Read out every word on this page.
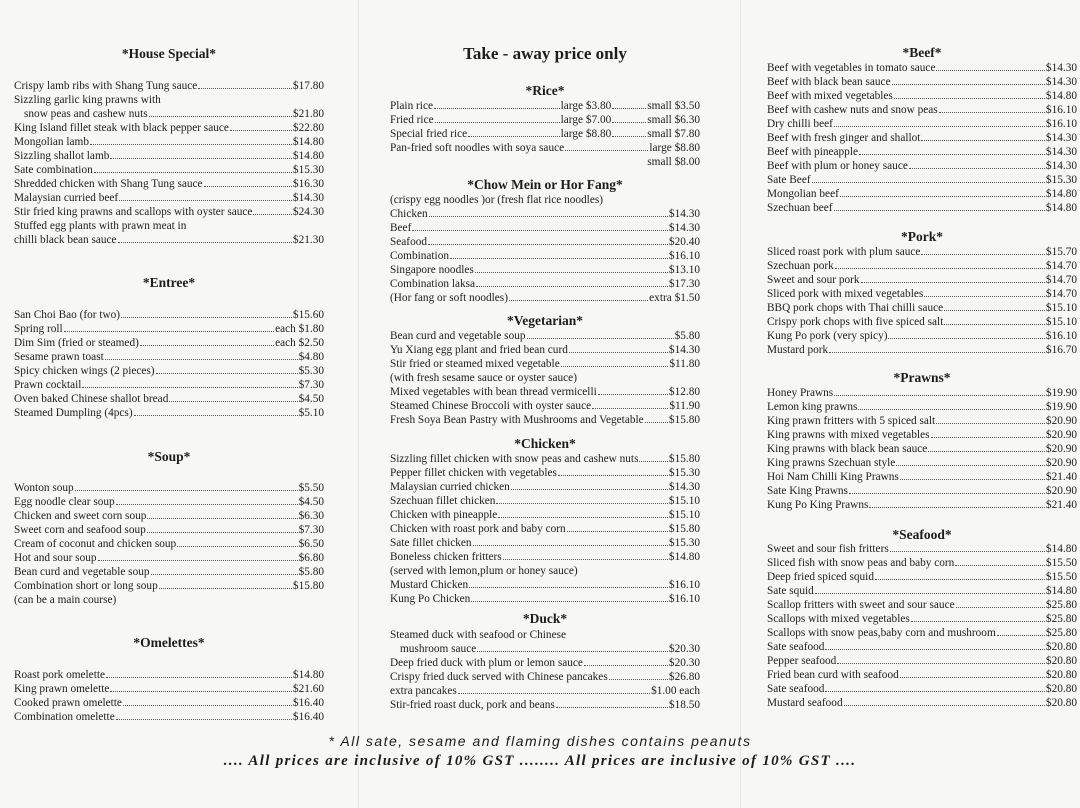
*House Special*
Crispy lamb ribs with Shang Tung sauce	$17.80
Sizzling garlic king prawns with
snow peas and cashew nuts	$21.80
King Island fillet steak with black pepper sauce	$22.80
Mongolian lamb	$14.80
Sizzling shallot lamb	$14.80
Sate combination	$15.30
Shredded chicken with Shang Tung sauce	$16.30
Malaysian curried beef	$14.30
Stir fried king prawns and scallops with oyster sauce	$24.30
Stuffed egg plants with prawn meat in
chilli black bean sauce	$21.30
*Entree*
San Choi Bao (for two)	$15.60
Spring roll	each $1.80
Dim Sim (fried or steamed)	each $2.50
Sesame prawn toast	$4.80
Spicy chicken wings (2 pieces)	$5.30
Prawn cocktail	$7.30
Oven baked Chinese shallot bread	$4.50
Steamed Dumpling (4pcs)	$5.10
*Soup*
Wonton soup	$5.50
Egg noodle clear soup	$4.50
Chicken and sweet corn soup	$6.30
Sweet corn and seafood soup	$7.30
Cream of coconut and chicken soup	$6.50
Hot and sour soup	$6.80
Bean curd and vegetable soup	$5.80
Combination short or long soup	$15.80
(can be a main course)
*Omelettes*
Roast pork omelette	$14.80
King prawn omelette	$21.60
Cooked prawn omelette	$16.40
Combination omelette	$16.40
Take - away price only
*Rice*
Plain rice	large $3.80	small $3.50
Fried rice	large $7.00	small $6.30
Special fried rice	large $8.80	small $7.80
Pan-fried soft noodles with soya sauce	large $8.80
small $8.00
*Chow Mein or Hor Fang*
(crispy egg noodles )or (fresh flat rice noodles)
Chicken	$14.30
Beef	$14.30
Seafood	$20.40
Combination	$16.10
Singapore noodles	$13.10
Combination laksa	$17.30
(Hor fang or soft noodles)	extra $1.50
*Vegetarian*
Bean curd and vegetable soup	$5.80
Yu Xiang egg plant and fried bean curd	$14.30
Stir fried or steamed mixed vegetable	$11.80
(with fresh sesame sauce or oyster sauce)
Mixed vegetables with bean thread vermicelli	$12.80
Steamed Chinese Broccoli with oyster sauce	$11.90
Fresh Soya Bean Pastry with Mushrooms and Vegetable $15.80
*Chicken*
Sizzling fillet chicken with snow peas and cashew nuts	$15.80
Pepper fillet chicken with vegetables	$15.30
Malaysian curried chicken	$14.30
Szechuan fillet chicken	$15.10
Chicken with pineapple	$15.10
Chicken with roast pork and baby corn	$15.80
Sate fillet chicken	$15.30
Boneless chicken fritters	$14.80
(served with lemon,plum or honey sauce)
Mustard Chicken	$16.10
Kung Po Chicken	$16.10
*Duck*
Steamed duck with seafood or Chinese
mushroom sauce	$20.30
Deep fried duck with plum or lemon sauce	$20.30
Crispy fried duck served with Chinese pancakes	$26.80
extra pancakes	$1.00 each
Stir-fried roast duck, pork and beans	$18.50
*Beef*
Beef with vegetables in tomato sauce	$14.30
Beef with black bean sauce	$14.30
Beef with mixed vegetables	$14.80
Beef with cashew nuts and snow peas	$16.10
Dry chilli beef	$16.10
Beef with fresh ginger and shallot	$14.30
Beef with pineapple	$14.30
Beef with plum or honey sauce	$14.30
Sate Beef	$15.30
Mongolian beef	$14.80
Szechuan beef	$14.80
*Pork*
Sliced roast pork with plum sauce	$15.70
Szechuan pork	$14.70
Sweet and sour pork	$14.70
Sliced pork with mixed vegetables	$14.70
BBQ pork chops with Thai chilli sauce	$15.10
Crispy pork chops with five spiced salt	$15.10
Kung Po pork (very spicy)	$16.10
Mustard pork	$16.70
*Prawns*
Honey Prawns	$19.90
Lemon king prawns	$19.90
King prawn fritters with 5 spiced salt	$20.90
King prawns with mixed vegetables	$20.90
King prawns with black bean sauce	$20.90
King prawns Szechuan style	$20.90
Hoi Nam Chilli King Prawns	$21.40
Sate King Prawns	$20.90
Kung Po King Prawns	$21.40
*Seafood*
Sweet and sour fish fritters	$14.80
Sliced fish with snow peas and baby corn	$15.50
Deep fried spiced squid	$15.50
Sate squid	$14.80
Scallop fritters with sweet and sour sauce	$25.80
Scallops with mixed vegetables	$25.80
Scallops with snow peas,baby corn and mushroom	$25.80
Sate seafood	$20.80
Pepper seafood	$20.80
Fried bean curd with seafood	$20.80
Sate seafood	$20.80
Mustard seafood	$20.80
* All sate, sesame and flaming dishes contains peanuts
.... All prices are inclusive of 10% GST ........ All prices are inclusive of 10% GST ....
